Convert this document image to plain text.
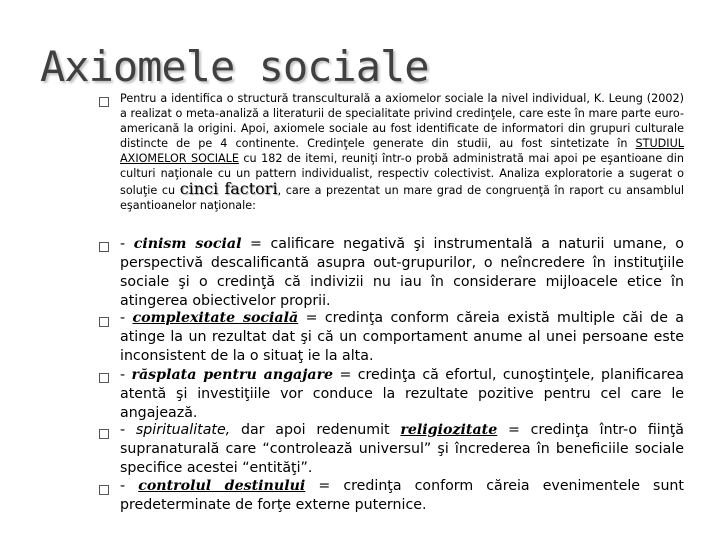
Axiomele sociale
Pentru a identifica o structură transculturală a axiomelor sociale la nivel individual, K. Leung (2002) a realizat o meta-analiză a literaturii de specialitate privind credinţele, care este în mare parte euro-americană la origini. Apoi, axiomele sociale au fost identificate de informatori din grupuri culturale distincte de pe 4 continente. Credinţele generate din studii, au fost sintetizate în STUDIUL AXIOMELOR SOCIALE cu 182 de itemi, reuniţi într-o probă administrată mai apoi pe eşantioane din culturi naţionale cu un pattern individualist, respectiv colectivist. Analiza exploratorie a sugerat o soluţie cu cinci factori, care a prezentat un mare grad de congruenţă în raport cu ansamblul eşantioanelor naţionale:
- cinism social = calificare negativă şi instrumentală a naturii umane, o perspectivă descalificantă asupra out-grupurilor, o neîncredere în instituţiile sociale şi o credinţă că indivizii nu iau în considerare mijloacele etice în atingerea obiectivelor proprii.
- complexitate socială = credinţa conform căreia există multiple căi de a atinge la un rezultat dat şi că un comportament anume al unei persoane este inconsistent de la o situaţ ie la alta.
- răsplata pentru angajare = credinţa că efortul, cunoştinţele, planificarea atentă şi investiţiile vor conduce la rezultate pozitive pentru cel care le angajează.
- spiritualitate, dar apoi redenumit religiozitate = credinţa într-o fiinţă supranaturală care “controlează universul” şi încrederea în beneficiile sociale specifice acestei “entităţi”.
- controlul destinului = credinţa conform căreia evenimentele sunt predeterminate de forţe externe puternice.
